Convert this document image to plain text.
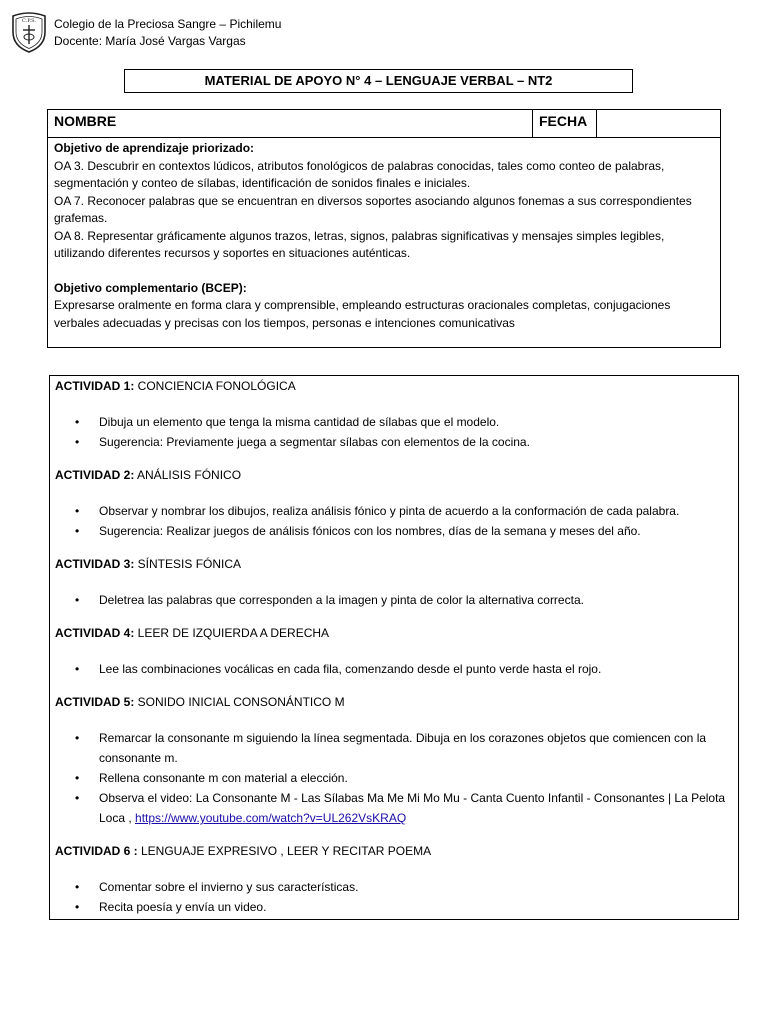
C.P.S. Colegio de la Preciosa Sangre – Pichilemu
Docente: María José Vargas Vargas
MATERIAL DE APOYO N° 4 – LENGUAJE VERBAL – NT2
NOMBRE	FECHA
Objetivo de aprendizaje priorizado:
OA 3. Descubrir en contextos lúdicos, atributos fonológicos de palabras conocidas, tales como conteo de palabras, segmentación y conteo de sílabas, identificación de sonidos finales e iniciales.
OA 7. Reconocer palabras que se encuentran en diversos soportes asociando algunos fonemas a sus correspondientes grafemas.
OA 8. Representar gráficamente algunos trazos, letras, signos, palabras significativas y mensajes simples legibles, utilizando diferentes recursos y soportes en situaciones auténticas.
Objetivo complementario (BCEP):
Expresarse oralmente en forma clara y comprensible, empleando estructuras oracionales completas, conjugaciones verbales adecuadas y precisas con los tiempos, personas e intenciones comunicativas
ACTIVIDAD 1: CONCIENCIA FONOLÓGICA
• Dibuja un elemento que tenga la misma cantidad de sílabas que el modelo.
• Sugerencia: Previamente juega a segmentar sílabas con elementos de la cocina.
ACTIVIDAD 2: ANÁLISIS FÓNICO
• Observar y nombrar los dibujos, realiza análisis fónico y pinta de acuerdo a la conformación de cada palabra.
• Sugerencia: Realizar juegos de análisis fónicos con los nombres, días de la semana y meses del año.
ACTIVIDAD 3: SÍNTESIS FÓNICA
• Deletrea las palabras que corresponden a la imagen y pinta de color la alternativa correcta.
ACTIVIDAD 4: LEER DE IZQUIERDA A DERECHA
• Lee las combinaciones vocálicas en cada fila, comenzando desde el punto verde hasta el rojo.
ACTIVIDAD 5: SONIDO INICIAL CONSONÁNTICO M
• Remarcar la consonante m siguiendo la línea segmentada. Dibuja en los corazones objetos que comiencen con la consonante m.
• Rellena consonante m con material a elección.
• Observa el video: La Consonante M - Las Sílabas Ma Me Mi Mo Mu - Canta Cuento Infantil - Consonantes | La Pelota Loca , https://www.youtube.com/watch?v=UL262VsKRAQ
ACTIVIDAD 6 : LENGUAJE EXPRESIVO , LEER Y RECITAR POEMA
• Comentar sobre el invierno y sus características.
• Recita poesía y envía un video.
